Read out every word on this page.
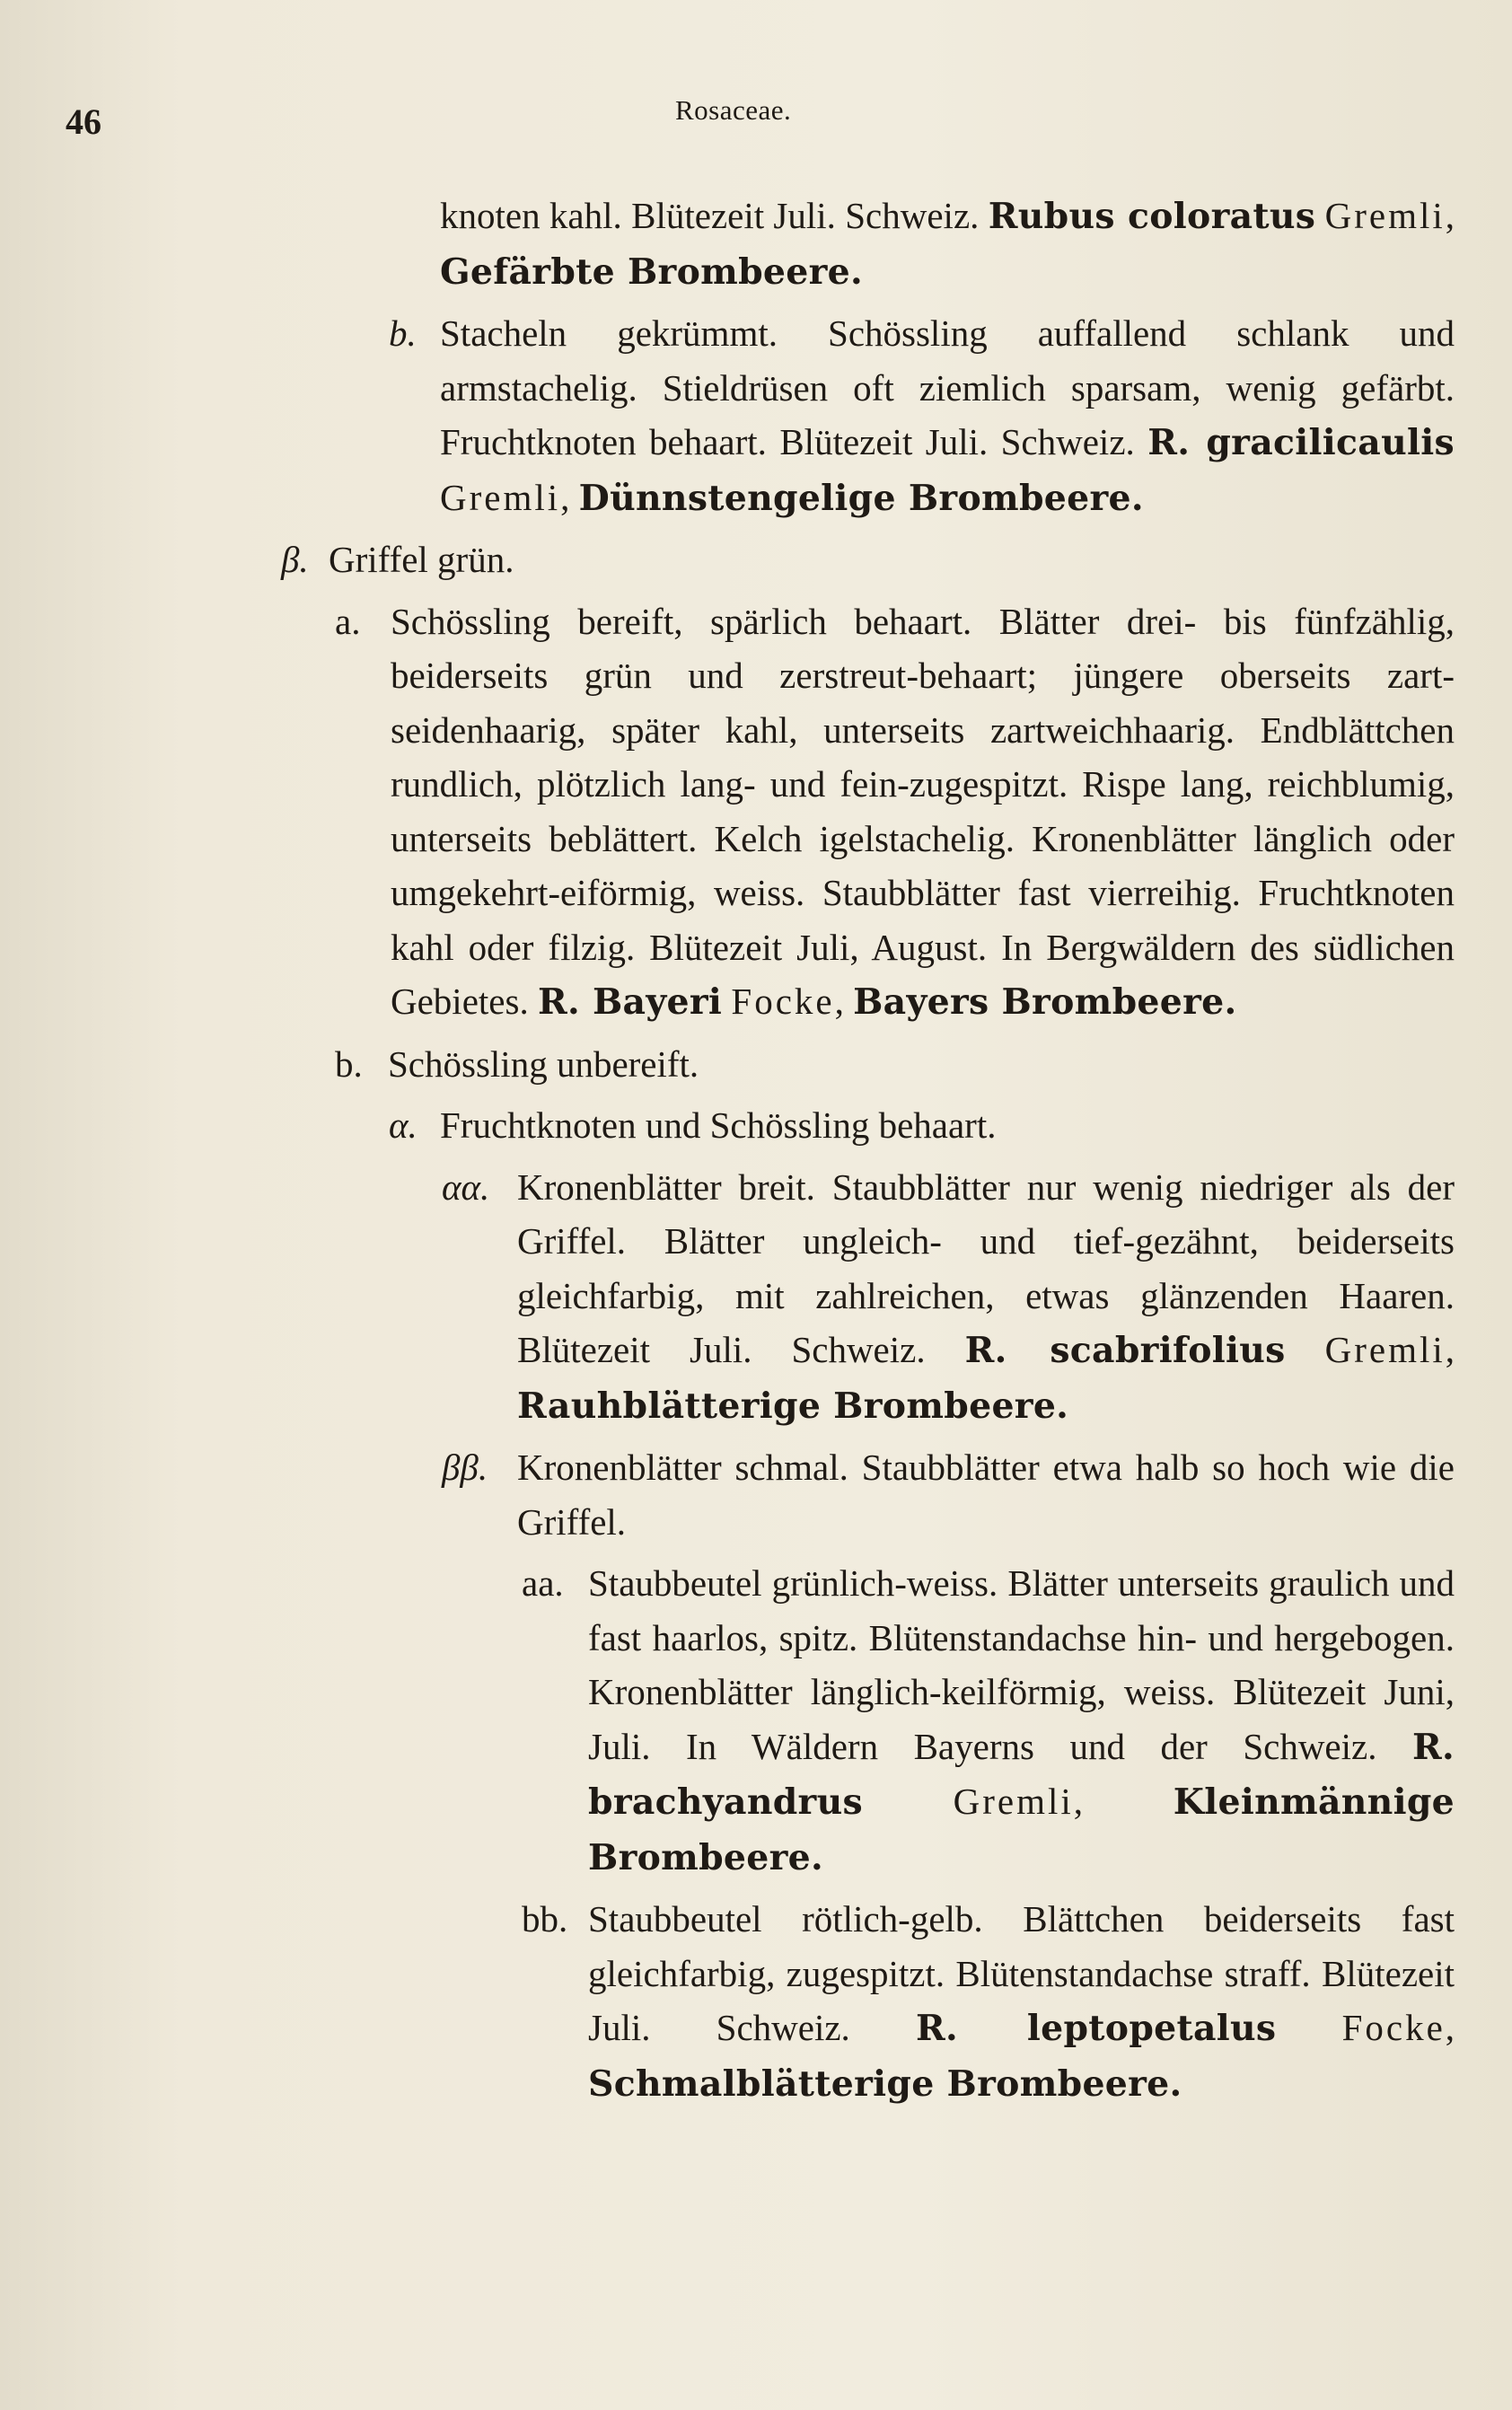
46	Rosaceae.
knoten kahl. Blütezeit Juli. Schweiz. Rubus coloratus Gremli, Gefärbte Brombeere.
b. Stacheln gekrümmt. Schössling auffallend schlank und armstachelig. Stieldrüsen oft ziemlich sparsam, wenig gefärbt. Fruchtknoten behaart. Blütezeit Juli. Schweiz. R. gracilicaulis Gremli, Dünnstengelige Brombeere.
β. Griffel grün.
a. Schössling bereift, spärlich behaart. Blätter drei- bis fünfzählig, beiderseits grün und zerstreut-behaart; jüngere oberseits zart-seidenhaarig, später kahl, unterseits zartweichhaarig. Endblättchen rundlich, plötzlich lang- und fein-zugespitzt. Rispe lang, reichblumig, unterseits beblättert. Kelch igelstachelig. Kronenblätter länglich oder umgekehrt-eiförmig, weiss. Staubblätter fast vierreihig. Fruchtknoten kahl oder filzig. Blütezeit Juli, August. In Bergwäldern des südlichen Gebietes. R. Bayeri Focke, Bayers Brombeere.
b. Schössling unbereift.
α. Fruchtknoten und Schössling behaart.
αα. Kronenblätter breit. Staubblätter nur wenig niedriger als der Griffel. Blätter ungleich- und tief-gezähnt, beiderseits gleichfarbig, mit zahlreichen, etwas glänzenden Haaren. Blütezeit Juli. Schweiz. R. scabrifolius Gremli, Rauhblätterige Brombeere.
ββ. Kronenblätter schmal. Staubblätter etwa halb so hoch wie die Griffel.
aa. Staubbeutel grünlich-weiss. Blätter unterseits graulich und fast haarlos, spitz. Blütenstandachse hin- und hergebogen. Kronenblätter länglich-keilförmig, weiss. Blütezeit Juni, Juli. In Wäldern Bayerns und der Schweiz. R. brachyandrus Gremli, Kleinmännige Brombeere.
bb. Staubbeutel rötlich-gelb. Blättchen beiderseits fast gleichfarbig, zugespitzt. Blütenstandachse straff. Blütezeit Juli. Schweiz. R. leptopetalus Focke, Schmalblätterige Brombeere.
